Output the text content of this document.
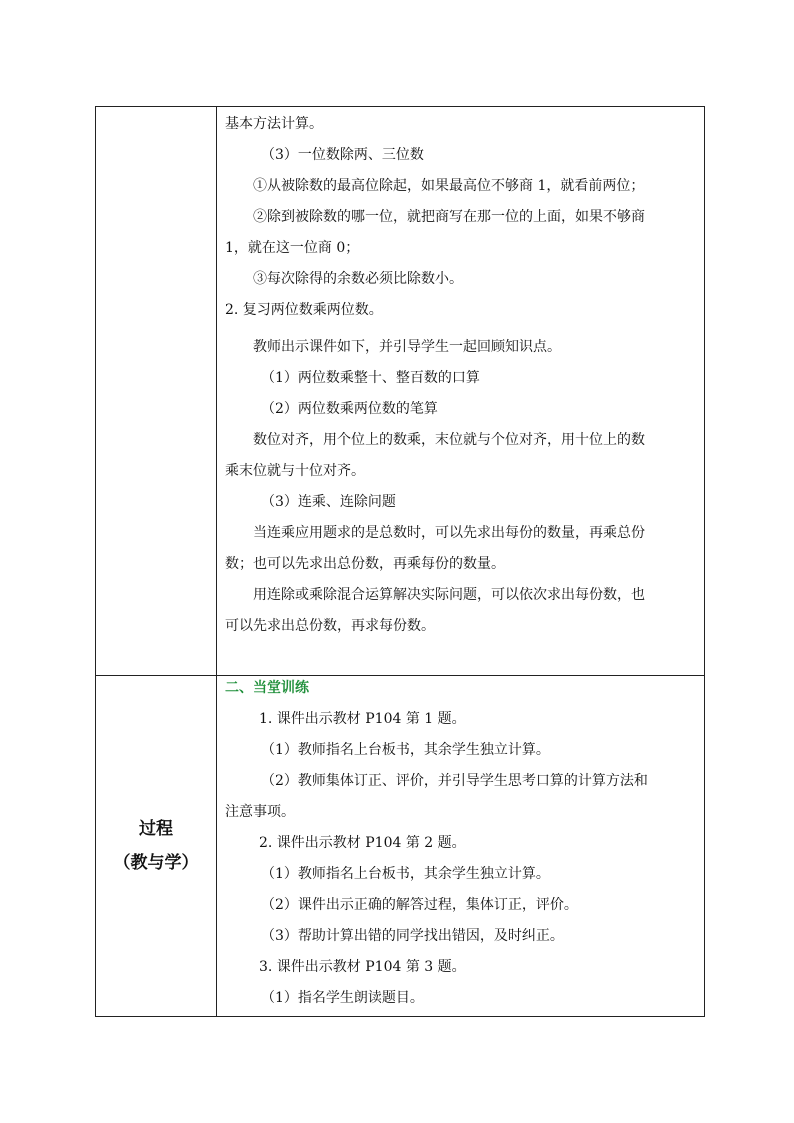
过程
（教与学）

基本方法计算。

（3）一位数除两、三位数

①从被除数的最高位除起，如果最高位不够商 1，就看前两位；

②除到被除数的哪一位，就把商写在那一位的上面，如果不够商

1，就在这一位商 0；

③每次除得的余数必须比除数小。

2. 复习两位数乘两位数。

教师出示课件如下，并引导学生一起回顾知识点。

（1）两位数乘整十、整百数的口算

（2）两位数乘两位数的笔算

数位对齐，用个位上的数乘，末位就与个位对齐，用十位上的数

乘末位就与十位对齐。

（3）连乘、连除问题

当连乘应用题求的是总数时，可以先求出每份的数量，再乘总份

数；也可以先求出总份数，再乘每份的数量。

用连除或乘除混合运算解决实际问题，可以依次求出每份数，也

可以先求出总份数，再求每份数。

二、当堂训练

1. 课件出示教材 P104 第 1 题。

（1）教师指名上台板书，其余学生独立计算。

（2）教师集体订正、评价，并引导学生思考口算的计算方法和

注意事项。

2. 课件出示教材 P104 第 2 题。

（1）教师指名上台板书，其余学生独立计算。

（2）课件出示正确的解答过程，集体订正，评价。

（3）帮助计算出错的同学找出错因，及时纠正。

3. 课件出示教材 P104 第 3 题。

（1）指名学生朗读题目。
